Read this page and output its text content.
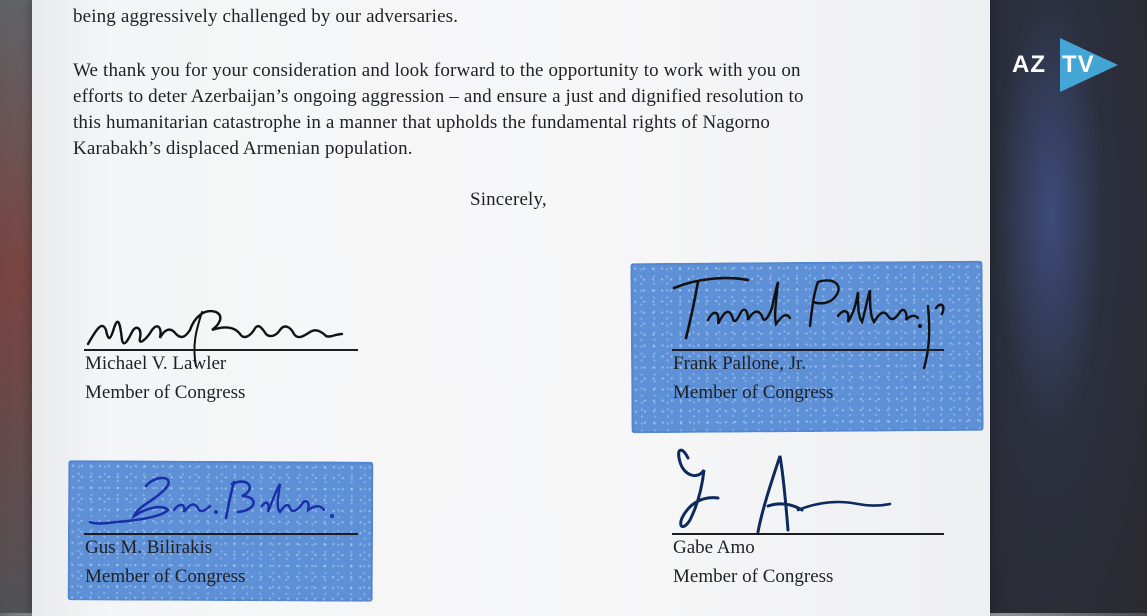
being aggressively challenged by our adversaries.
We thank you for your consideration and look forward to the opportunity to work with you on
efforts to deter Azerbaijan’s ongoing aggression – and ensure a just and dignified resolution to
this humanitarian catastrophe in a manner that upholds the fundamental rights of Nagorno
Karabakh’s displaced Armenian population.
Sincerely,
Michael V. Lawler
Member of Congress
Frank Pallone, Jr.
Member of Congress
Gus M. Bilirakis
Member of Congress
Gabe Amo
Member of Congress
AZ TV
